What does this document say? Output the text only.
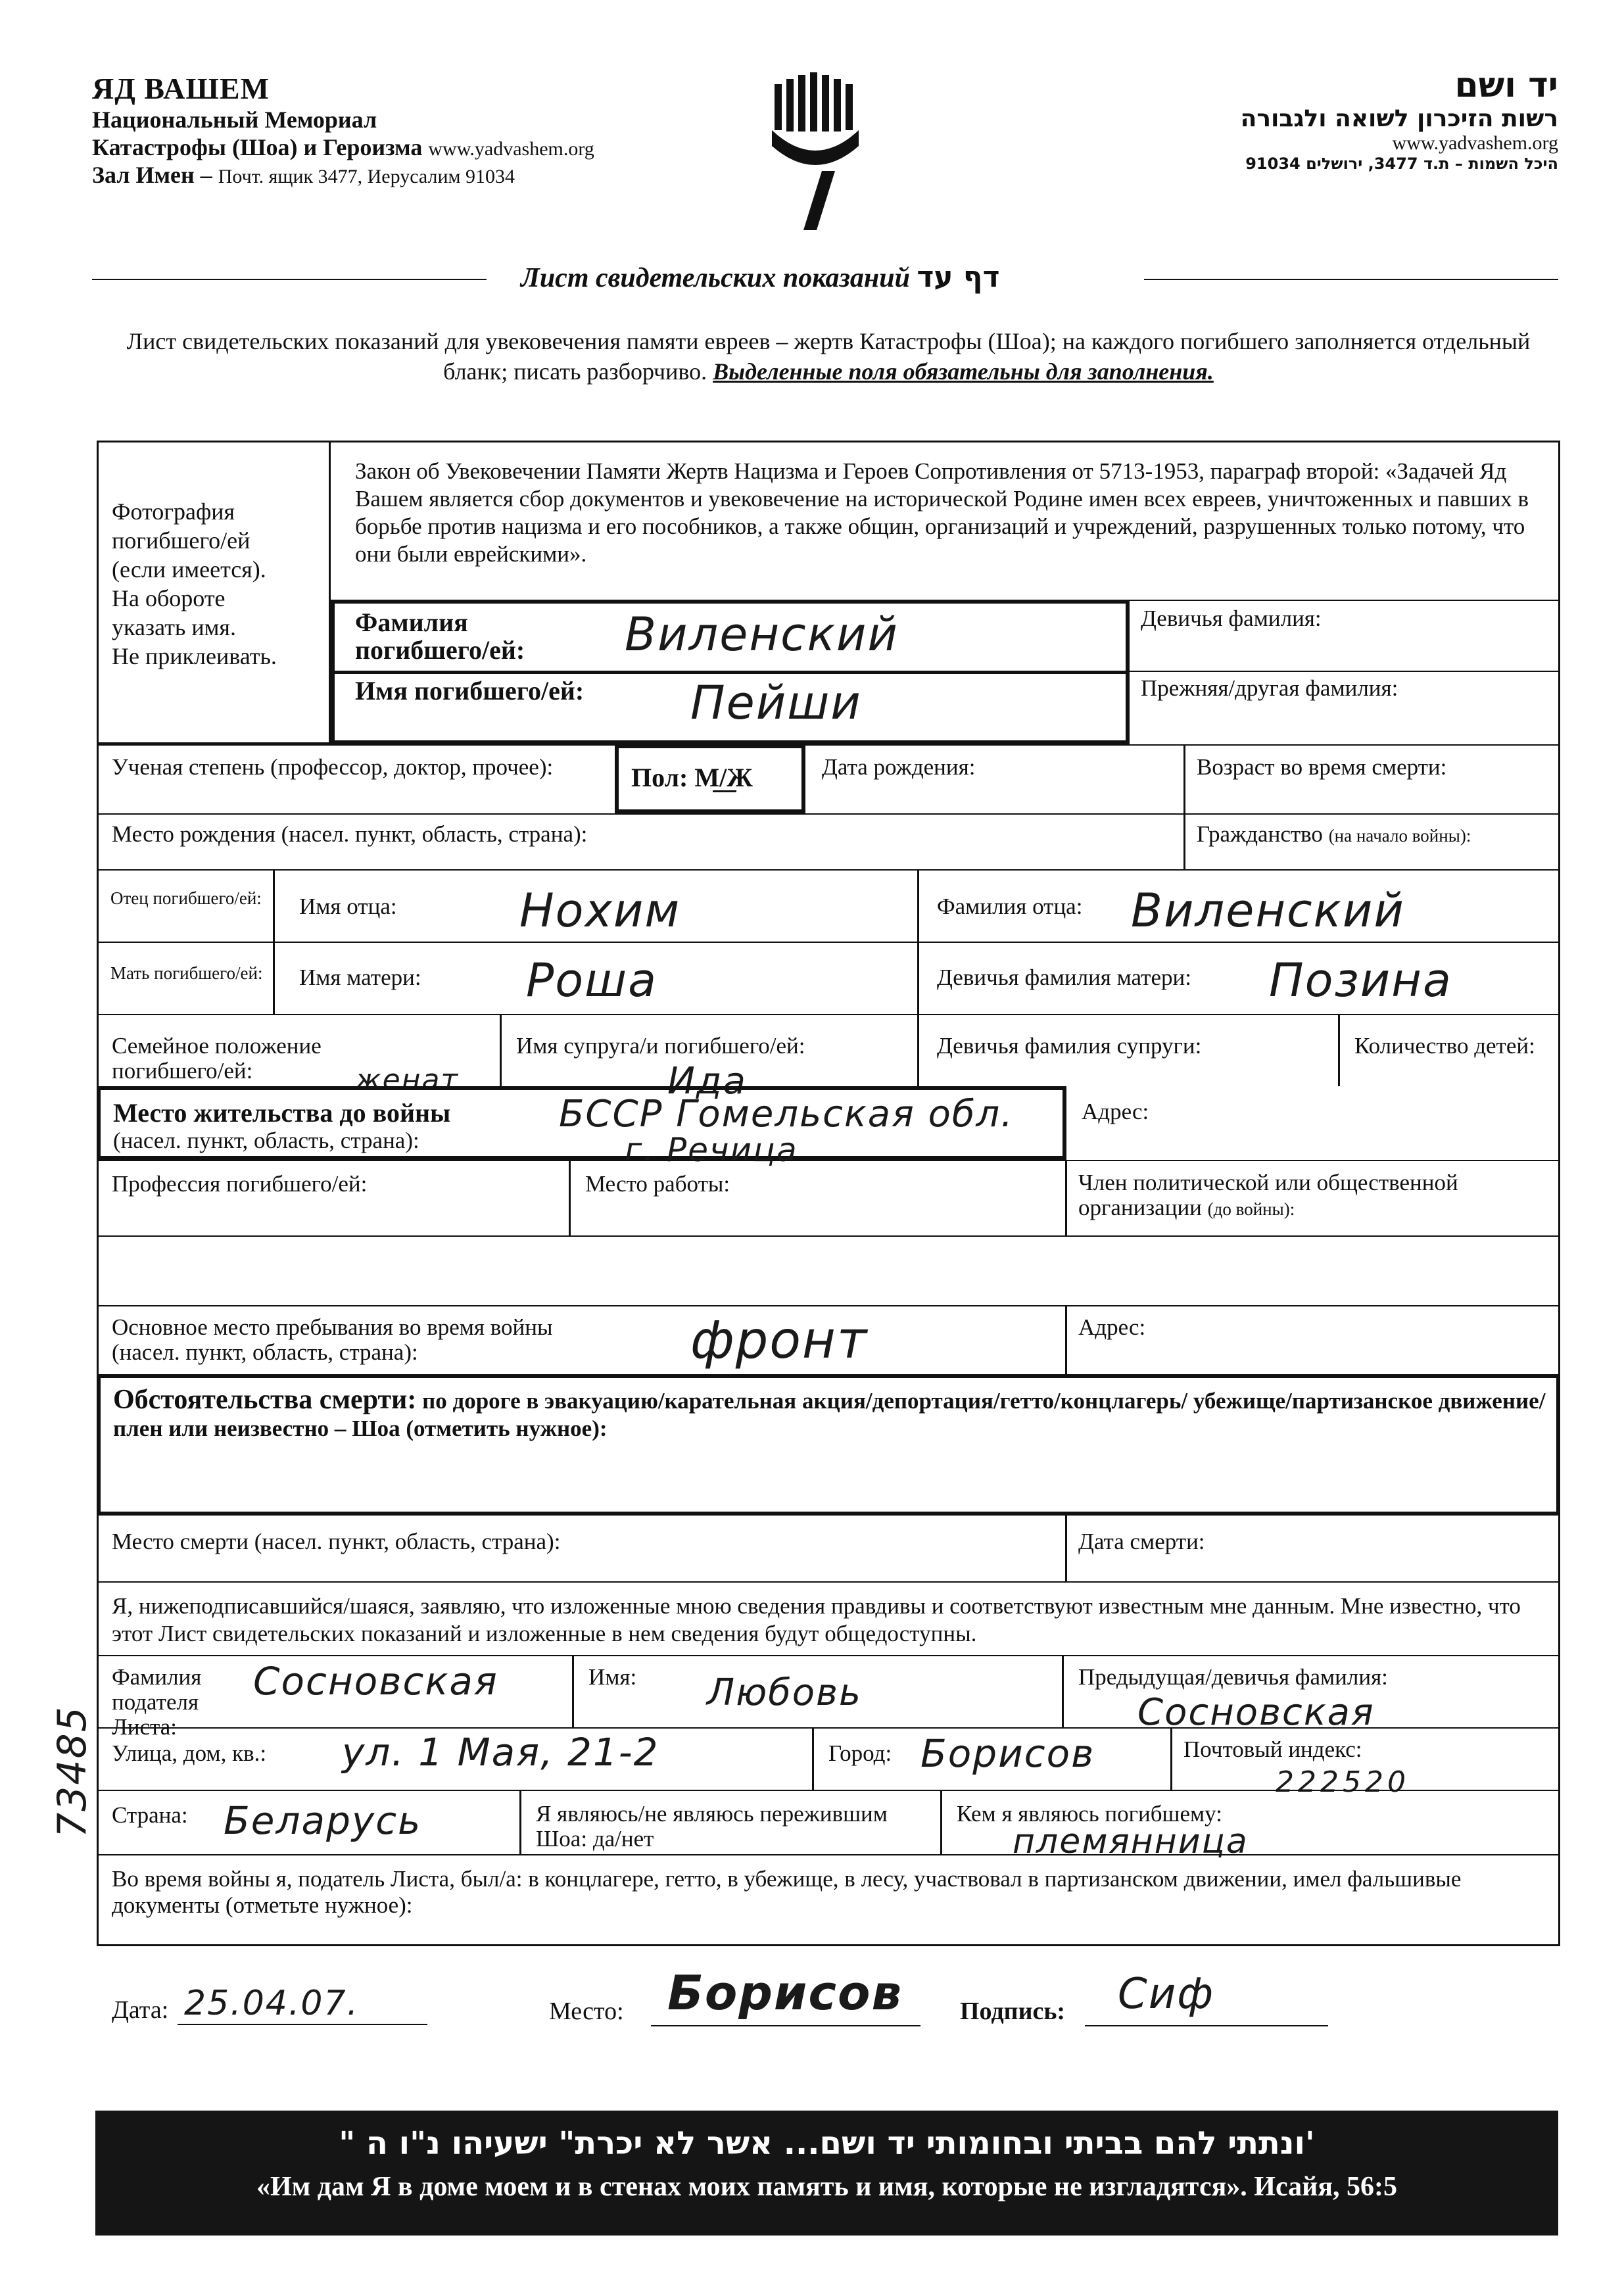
ЯД ВАШЕМ
Национальный Мемориал
Катастрофы (Шоа) и Героизма www.yadvashem.org
Зал Имен – Почт. ящик 3477, Иерусалим 91034
יד ושם
רשות הזיכרון לשואה ולגבורה
www.yadvashem.org
היכל השמות – ת.ד 3477, ירושלים 91034
Лист свидетельских показаний דף עד
Лист свидетельских показаний для увековечения памяти евреев – жертв Катастрофы (Шоа); на каждого погибшего заполняется отдельный бланк; писать разборчиво. Выделенные поля обязательны для заполнения.
Фотография
погибшего/ей
(если имеется).
На обороте
указать имя.
Не приклеивать.
Закон об Увековечении Памяти Жертв Нацизма и Героев Сопротивления от 5713-1953, параграф второй: «Задачей Яд Вашем является сбор документов и увековечение на исторической Родине имен всех евреев, уничтоженных и павших в борьбе против нацизма и его пособников, а также общин, организаций и учреждений, разрушенных только потому, что они были еврейскими».
Фамилия погибшего/ей:	Виленский
Имя погибшего/ей: Пейши
Девичья фамилия:
Прежняя/другая фамилия:
Ученая степень (профессор, доктор, прочее):	Пол: М/Ж	Дата рождения:	Возраст во время смерти:
Место рождения (насел. пункт, область, страна):	Гражданство (на начало войны):
Отец погибшего/ей: Имя отца:	Нохим	Фамилия отца: Виленский
Мать погибшего/ей: Имя матери: Роша	Девичья фамилия матери: Позина
Семейное положение погибшего/ей:	женат
Имя супруга/и погибшего/ей:
Ида
Девичья фамилия супруги:	Количество детей:
Место жительства до войны
(насел. пункт, область, страна):
БССР Гомельская обл.
г. Речица
Адрес:
Профессия погибшего/ей:	Место работы:	Член политической или общественной организации (до войны):
Основное место пребывания во время войны (насел. пункт, область, страна):	фронт	Адрес:
Обстоятельства смерти: по дороге в эвакуацию/карательная акция/депортация/гетто/концлагерь/ убежище/партизанское движение/плен или неизвестно – Шоа (отметить нужное):
Место смерти (насел. пункт, область, страна):	Дата смерти:
Я, нижеподписавшийся/шаяся, заявляю, что изложенные мною сведения правдивы и соответствуют известным мне данным. Мне известно, что этот Лист свидетельских показаний и изложенные в нем сведения будут общедоступны.
Фамилия подателя Листа:
Сосновская	Имя: Любовь	Предыдущая/девичья фамилия:
Сосновская
Улица, дом, кв.: ул. 1 Мая, 21-2	Город: Борисов	Почтовый индекс:
222520
Страна: Беларусь	Я являюсь/не являюсь пережившим Шоа: да/нет
Кем я являюсь погибшему:
племянница
Во время войны я, податель Листа, был/а: в концлагере, гетто, в убежище, в лесу, участвовал в партизанском движении, имел фальшивые документы (отметьте нужное):
Дата: 25.04.07.	Место: Борисов Подпись: Сиф
73485
" ונתתי להם בביתי ובחומותי יד ושם... אשר לא יכרת" ישעיהו נ"ו ה'
«Им дам Я в доме моем и в стенах моих память и имя, которые не изгладятся». Исайя, 56:5
